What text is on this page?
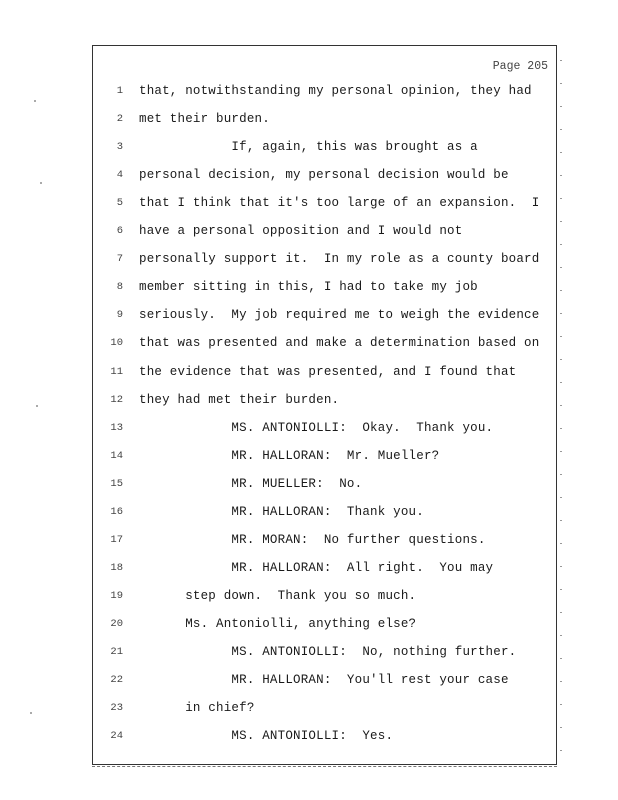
Page 205
1 that, notwithstanding my personal opinion, they had
2 met their burden.
3 If, again, this was brought as a
4 personal decision, my personal decision would be
5 that I think that it's too large of an expansion.  I
6 have a personal opposition and I would not
7 personally support it.  In my role as a county board
8 member sitting in this, I had to take my job
9 seriously.  My job required me to weigh the evidence
10 that was presented and make a determination based on
11 the evidence that was presented, and I found that
12 they had met their burden.
13 MS. ANTONIOLLI:  Okay.  Thank you.
14 MR. HALLORAN:  Mr. Mueller?
15 MR. MUELLER:  No.
16 MR. HALLORAN:  Thank you.
17 MR. MORAN:  No further questions.
18 MR. HALLORAN:  All right.  You may
19 step down.  Thank you so much.
20 Ms. Antoniolli, anything else?
21 MS. ANTONIOLLI:  No, nothing further.
22 MR. HALLORAN:  You'll rest your case
23 in chief?
24 MS. ANTONIOLLI:  Yes.
